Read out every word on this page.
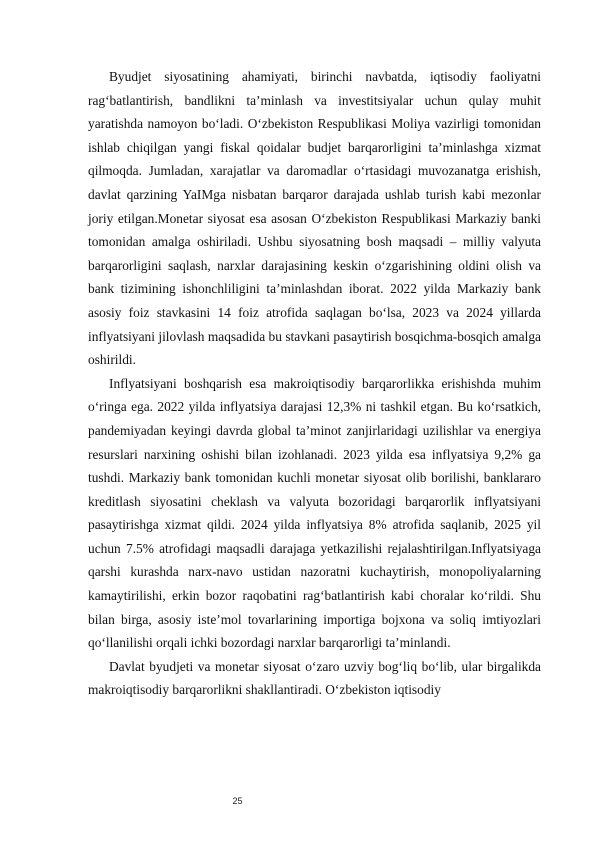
Byudjet siyosatining ahamiyati, birinchi navbatda, iqtisodiy faoliyatni rag‘batlantirish, bandlikni ta’minlash va investitsiyalar uchun qulay muhit yaratishda namoyon bo‘ladi. O‘zbekiston Respublikasi Moliya vazirligi tomonidan ishlab chiqilgan yangi fiskal qoidalar budjet barqarorligini ta’minlashga xizmat qilmoqda. Jumladan, xarajatlar va daromadlar o‘rtasidagi muvozanatga erishish, davlat qarzining YaIMga nisbatan barqaror darajada ushlab turish kabi mezonlar joriy etilgan.Monetar siyosat esa asosan O‘zbekiston Respublikasi Markaziy banki tomonidan amalga oshiriladi. Ushbu siyosatning bosh maqsadi – milliy valyuta barqarorligini saqlash, narxlar darajasining keskin o‘zgarishining oldini olish va bank tizimining ishonchliligini ta’minlashdan iborat. 2022 yilda Markaziy bank asosiy foiz stavkasini 14 foiz atrofida saqlagan bo‘lsa, 2023 va 2024 yillarda inflyatsiyani jilovlash maqsadida bu stavkani pasaytirish bosqichma-bosqich amalga oshirildi.

Inflyatsiyani boshqarish esa makroiqtisodiy barqarorlikka erishishda muhim o‘ringa ega. 2022 yilda inflyatsiya darajasi 12,3% ni tashkil etgan. Bu ko‘rsatkich, pandemiyadan keyingi davrda global ta’minot zanjirlaridagi uzilishlar va energiya resurslari narxining oshishi bilan izohlanadi. 2023 yilda esa inflyatsiya 9,2% ga tushdi. Markaziy bank tomonidan kuchli monetar siyosat olib borilishi, banklararo kreditlash siyosatini cheklash va valyuta bozoridagi barqarorlik inflyatsiyani pasaytirishga xizmat qildi. 2024 yilda inflyatsiya 8% atrofida saqlanib, 2025 yil uchun 7.5% atrofidagi maqsadli darajaga yetkazilishi rejalashtirilgan.Inflyatsiyaga qarshi kurashda narx-navo ustidan nazoratni kuchaytirish, monopoliyalarning kamaytirilishi, erkin bozor raqobatini rag‘batlantirish kabi choralar ko‘rildi. Shu bilan birga, asosiy iste’mol tovarlarining importiga bojxona va soliq imtiyozlari qo‘llanilishi orqali ichki bozordagi narxlar barqarorligi ta’minlandi.

Davlat byudjeti va monetar siyosat o‘zaro uzviy bog‘liq bo‘lib, ular birgalikda makroiqtisodiy barqarorlikni shakllantiradi. O‘zbekiston iqtisodiy

25
